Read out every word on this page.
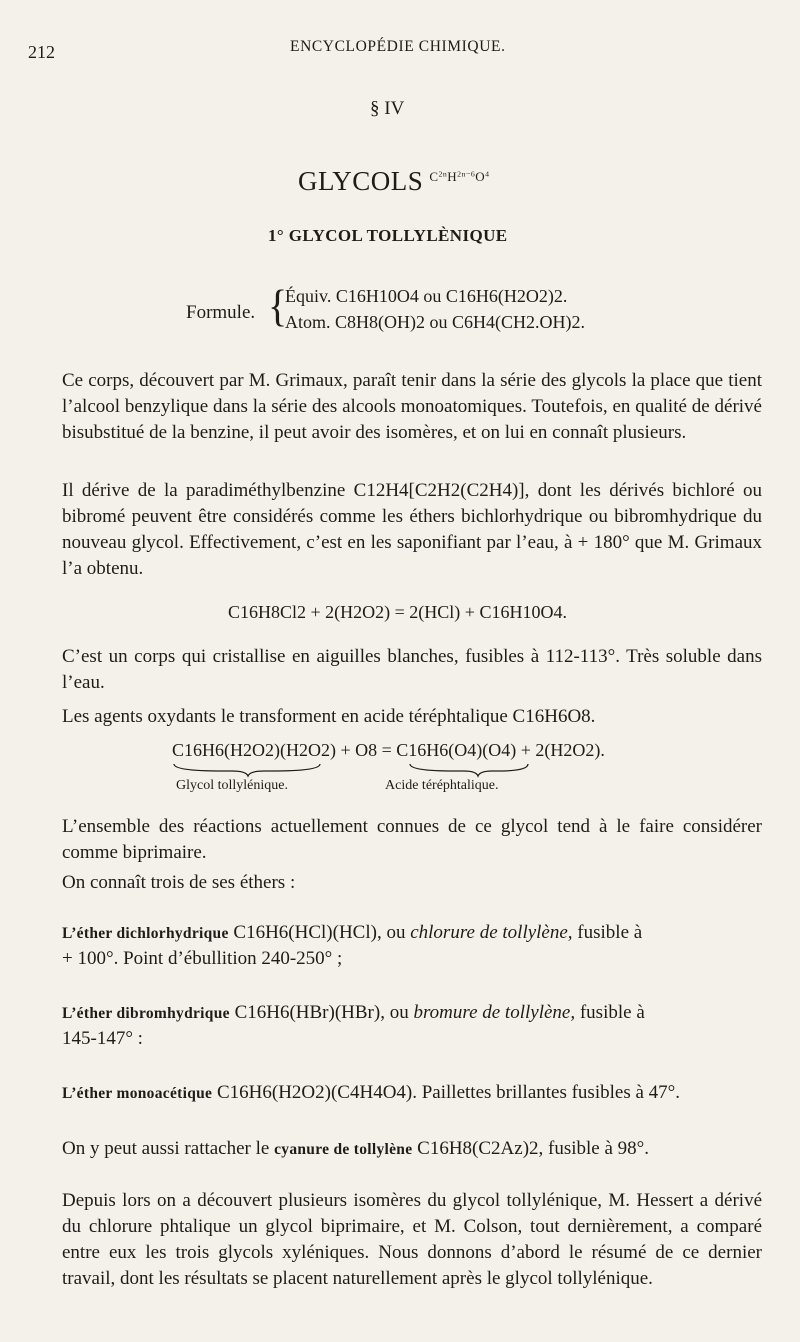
212	ENCYCLOPÉDIE CHIMIQUE.
§ IV
GLYCOLS $^{C^{2n}H^{2n-6}O^4}$
1° GLYCOL TOLLYLÈNIQUE
Formule. {
Équiv. C16H10O4 ou C16H6(H2O2)2.
Atom. C8H8(OH)2 ou C6H4(CH2.OH)2.
Ce corps, découvert par M. Grimaux, paraît tenir dans la série des glycols la place que tient l’alcool benzylique dans la série des alcools monoatomiques. Toutefois, en qualité de dérivé bisubstitué de la benzine, il peut avoir des isomères, et on lui en connaît plusieurs.
Il dérive de la paradiméthylbenzine C12H4[C2H2(C2H4)], dont les dérivés bichloré ou bibromé peuvent être considérés comme les éthers bichlorhydrique ou bibromhydrique du nouveau glycol. Effectivement, c’est en les saponifiant par l’eau, à + 180° que M. Grimaux l’a obtenu.
C16H8Cl2 + 2(H2O2) = 2(HCl) + C16H10O4.
C’est un corps qui cristallise en aiguilles blanches, fusibles à 112-113°. Très soluble dans l’eau.
Les agents oxydants le transforment en acide téréphtalique C16H6O8.
C16H6(H2O2)(H2O2) + O8 = C16H6(O4)(O4) + 2(H2O2).
Glycol tollylénique.	Acide téréphtalique.
L’ensemble des réactions actuellement connues de ce glycol tend à le faire considérer comme biprimaire.
On connaît trois de ses éthers :
L’éther dichlorhydrique C16H6(HCl)(HCl), ou chlorure de tollylène, fusible à
+ 100°. Point d’ébullition 240-250° ;
L’éther dibromhydrique C16H6(HBr)(HBr), ou bromure de tollylène, fusible à
145-147° :
L’éther monoacétique C16H6(H2O2)(C4H4O4). Paillettes brillantes fusibles à 47°.
On y peut aussi rattacher le cyanure de tollylène C16H8(C2Az)2, fusible à 98°.
Depuis lors on a découvert plusieurs isomères du glycol tollylénique, M. Hessert a dérivé du chlorure phtalique un glycol biprimaire, et M. Colson, tout dernièrement, a comparé entre eux les trois glycols xyléniques. Nous donnons d’abord le résumé de ce dernier travail, dont les résultats se placent naturellement après le glycol tollylénique.
